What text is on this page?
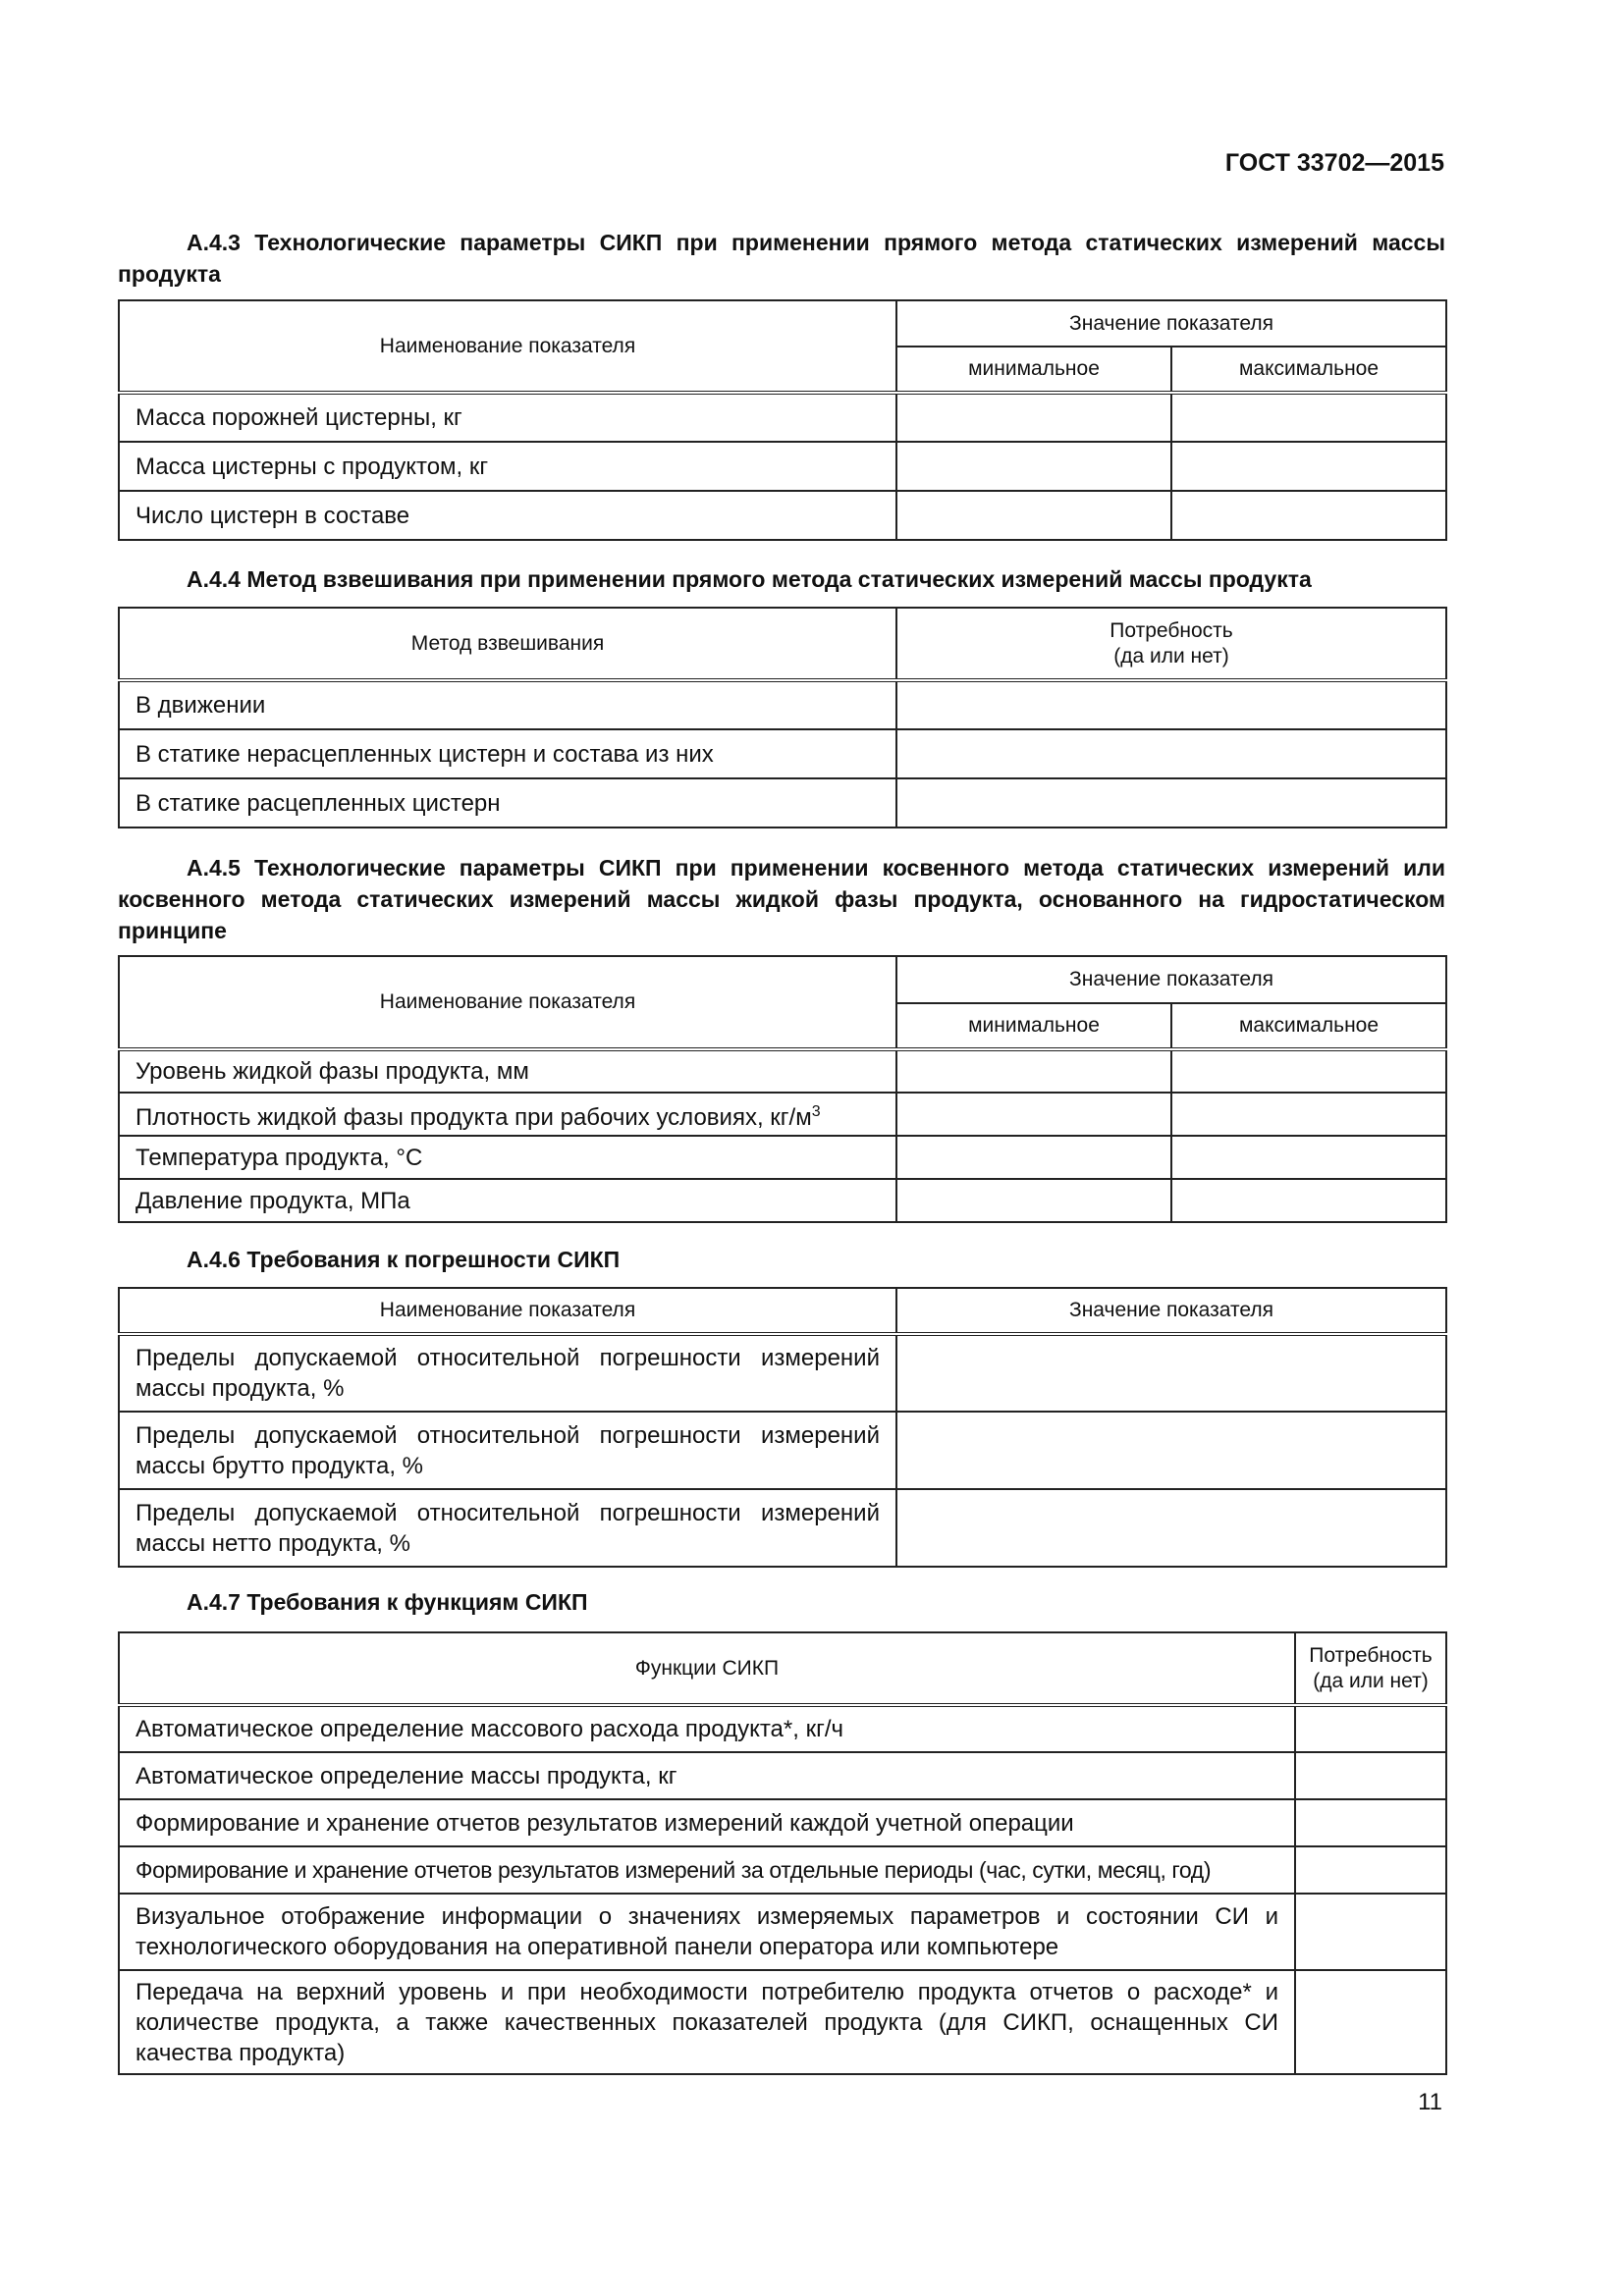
ГОСТ 33702—2015
А.4.3 Технологические параметры СИКП при применении прямого метода статических измерений массы продукта
Наименование показателя	Значение показателя	
	минимальное	максимальное
Масса порожней цистерны, кг		
Масса цистерны с продуктом, кг		
Число цистерн в составе		
А.4.4 Метод взвешивания при применении прямого метода статических измерений массы продукта
Метод взвешивания	Потребность
(да или нет)

В движении	
В статике нерасцепленных цистерн и состава из них	
В статике расцепленных цистерн	
А.4.5 Технологические параметры СИКП при применении косвенного метода статических измерений или косвенного метода статических измерений массы жидкой фазы продукта, основанного на гидростатическом принципе
Наименование показателя	Значение показателя	
	минимальное	максимальное
Уровень жидкой фазы продукта, мм		
Плотность жидкой фазы продукта при рабочих условиях, $кг/м^3$		
Температура продукта, °С		
Давление продукта, МПа		
А.4.6 Требования к погрешности СИКП
Наименование показателя	Значение показателя
Пределы допускаемой относительной погрешности измерений массы продукта, %	
Пределы допускаемой относительной погрешности измерений массы брутто продукта, %	
Пределы допускаемой относительной погрешности измерений массы нетто продукта, %	
А.4.7 Требования к функциям СИКП
Функции СИКП	Потребность
(да или нет)

Автоматическое определение массового расхода продукта*, кг/ч	
Автоматическое определение массы продукта, кг	
Формирование и хранение отчетов результатов измерений каждой учетной операции	
Формирование и хранение отчетов результатов измерений за отдельные периоды (час, сутки, месяц, год)	
Визуальное отображение информации о значениях измеряемых параметров и состоянии СИ и технологического оборудования на оперативной панели оператора или компьютере	
Передача на верхний уровень и при необходимости потребителю продукта отчетов о расходе* и количестве продукта, а также качественных показателей продукта (для СИКП, оснащенных СИ качества продукта)	
11
